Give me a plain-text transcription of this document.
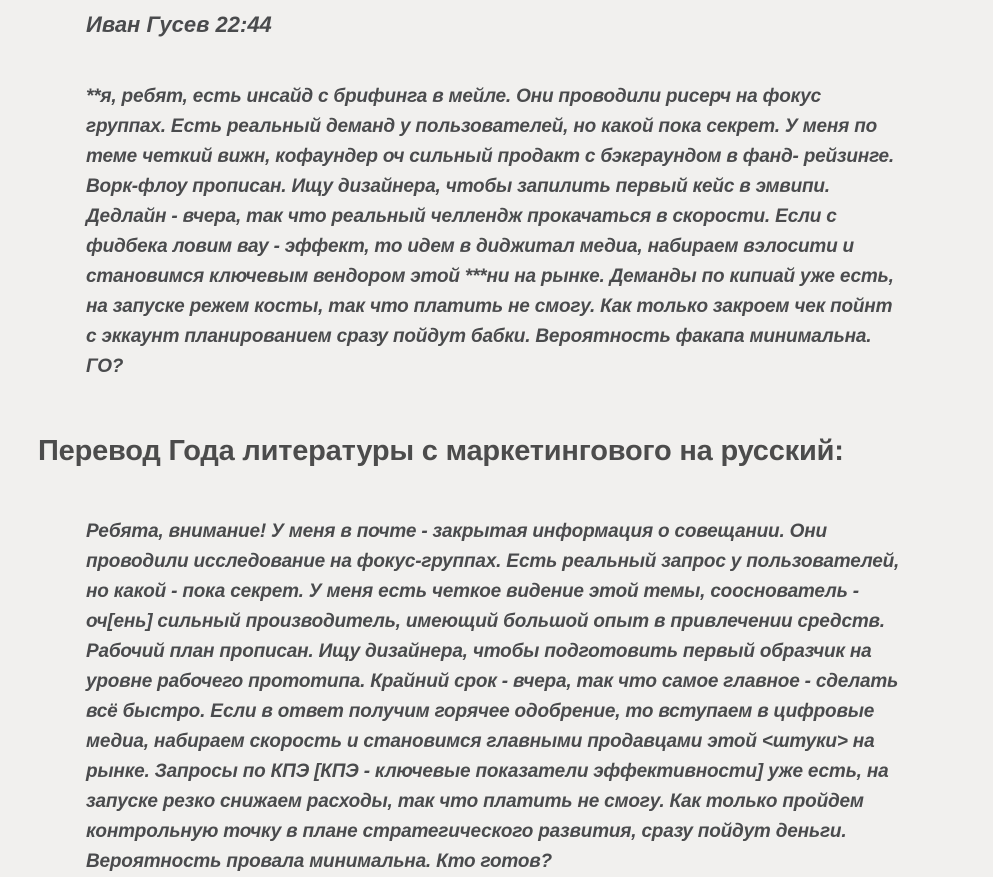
Иван Гусев 22:44

**я, ребят, есть инсайд с брифинга в мейле. Они проводили рисерч на фокус группах. Есть реальный деманд у пользователей, но какой пока секрет. У меня по теме четкий вижн, кофаундер оч сильный продакт с бэкграундом в фанд- рейзинге. Ворк-флоу прописан. Ищу дизайнера, чтобы запилить первый кейс в эмвипи. Дедлайн - вчера, так что реальный челлендж прокачаться в скорости. Если с фидбека ловим вау - эффект, то идем в диджитал медиа, набираем вэлосити и становимся ключевым вендором этой ***ни на рынке. Деманды по кипиай уже есть, на запуске режем косты, так что платить не смогу. Как только закроем чек пойнт с эккаунт планированием сразу пойдут бабки. Вероятность факапа минимальна. ГО?
Перевод Года литературы с маркетингового на русский:
Ребята, внимание! У меня в почте - закрытая информация о совещании. Они проводили исследование на фокус-группах. Есть реальный запрос у пользователей, но какой - пока секрет. У меня есть четкое видение этой темы, сооснователь - оч[ень] сильный производитель, имеющий большой опыт в привлечении средств. Рабочий план прописан. Ищу дизайнера, чтобы подготовить первый образчик на уровне рабочего прототипа. Крайний срок - вчера, так что самое главное - сделать всё быстро. Если в ответ получим горячее одобрение, то вступаем в цифровые медиа, набираем скорость и становимся главными продавцами этой <штуки> на рынке. Запросы по КПЭ [КПЭ - ключевые показатели эффективности] уже есть, на запуске резко снижаем расходы, так что платить не смогу. Как только пройдем контрольную точку в плане стратегического развития, сразу пойдут деньги. Вероятность провала минимальна. Кто готов?
